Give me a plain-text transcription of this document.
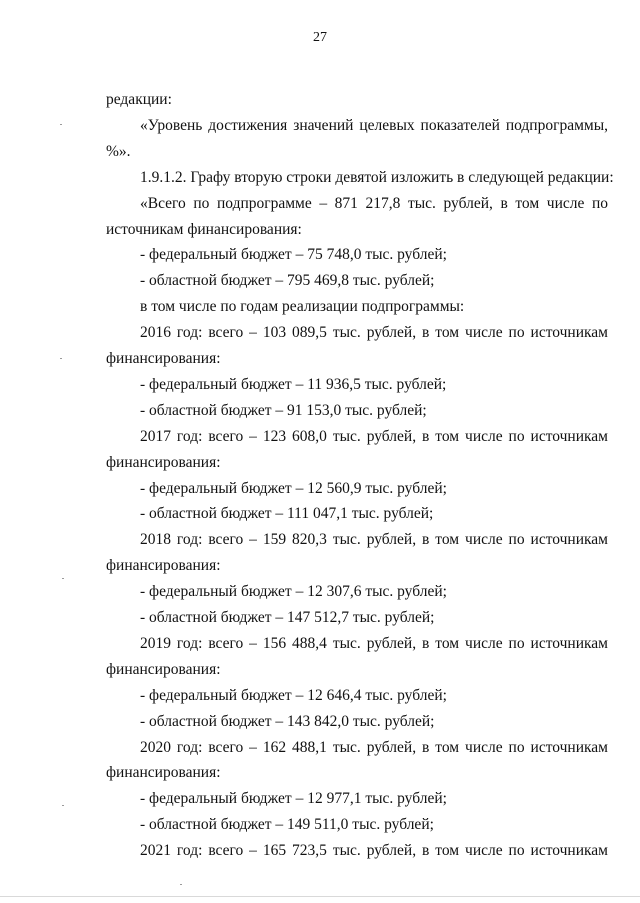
27
редакции:
«Уровень достижения значений целевых показателей подпрограммы,
%».
1.9.1.2. Графу вторую строки девятой изложить в следующей редакции:
«Всего по подпрограмме – 871 217,8 тыс. рублей, в том числе по
источникам финансирования:
- федеральный бюджет – 75 748,0 тыс. рублей;
- областной бюджет – 795 469,8 тыс. рублей;
в том числе по годам реализации подпрограммы:
2016 год: всего – 103 089,5 тыс. рублей, в том числе по источникам
финансирования:
- федеральный бюджет – 11 936,5 тыс. рублей;
- областной бюджет – 91 153,0 тыс. рублей;
2017 год: всего – 123 608,0 тыс. рублей, в том числе по источникам
финансирования:
- федеральный бюджет – 12 560,9 тыс. рублей;
- областной бюджет – 111 047,1 тыс. рублей;
2018 год: всего – 159 820,3 тыс. рублей, в том числе по источникам
финансирования:
- федеральный бюджет – 12 307,6 тыс. рублей;
- областной бюджет – 147 512,7 тыс. рублей;
2019 год: всего – 156 488,4 тыс. рублей, в том числе по источникам
финансирования:
- федеральный бюджет – 12 646,4 тыс. рублей;
- областной бюджет – 143 842,0 тыс. рублей;
2020 год: всего – 162 488,1 тыс. рублей, в том числе по источникам
финансирования:
- федеральный бюджет – 12 977,1 тыс. рублей;
- областной бюджет – 149 511,0 тыс. рублей;
2021 год: всего – 165 723,5 тыс. рублей, в том числе по источникам
